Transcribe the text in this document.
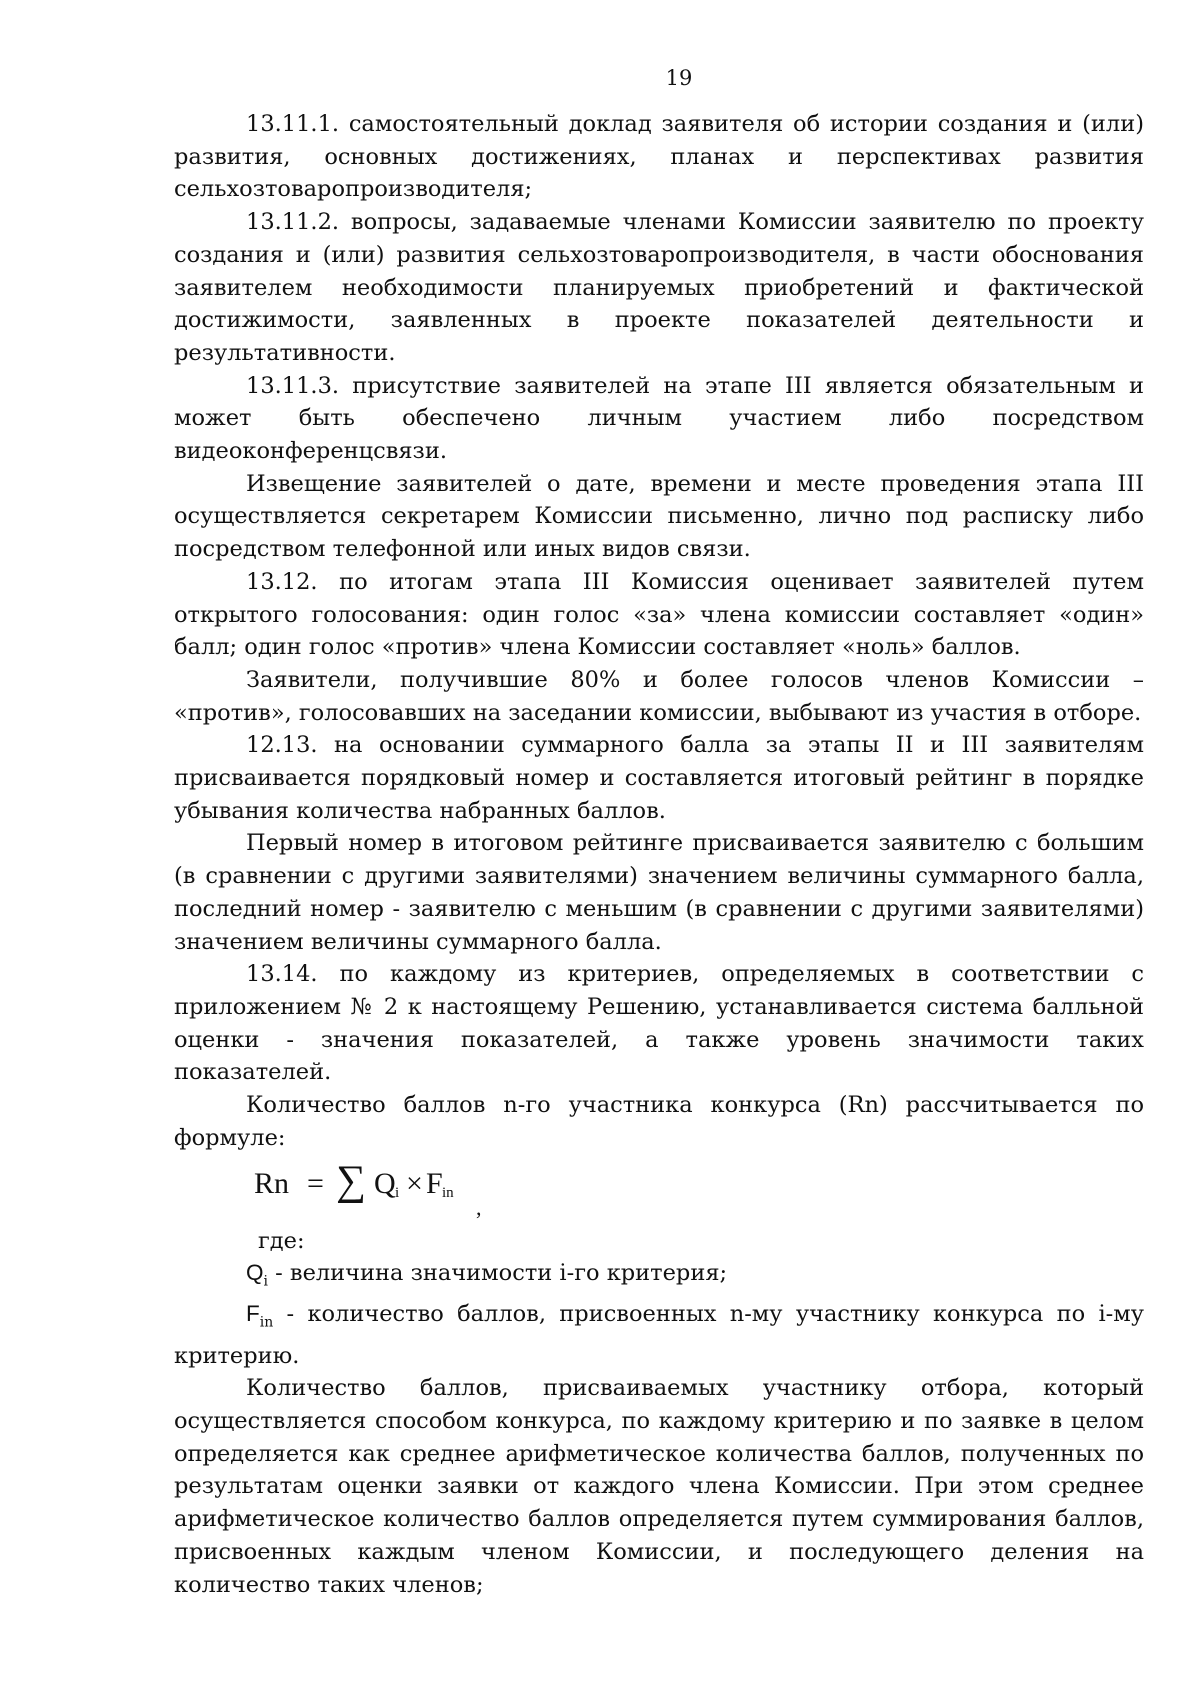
19

13.11.1. самостоятельный доклад заявителя об истории создания и (или) развития, основных достижениях, планах и перспективах развития сельхозтоваропроизводителя;

13.11.2. вопросы, задаваемые членами Комиссии заявителю по проекту создания и (или) развития сельхозтоваропроизводителя, в части обоснования заявителем необходимости планируемых приобретений и фактической достижимости, заявленных в проекте показателей деятельности и результативности.

13.11.3. присутствие заявителей на этапе III является обязательным и может быть обеспечено личным участием либо посредством видеоконференцсвязи.

Извещение заявителей о дате, времени и месте проведения этапа III осуществляется секретарем Комиссии письменно, лично под расписку либо посредством телефонной или иных видов связи.

13.12. по итогам этапа III Комиссия оценивает заявителей путем открытого голосования: один голос «за» члена комиссии составляет «один» балл; один голос «против» члена Комиссии составляет «ноль» баллов.

Заявители, получившие 80% и более голосов членов Комиссии – «против», голосовавших на заседании комиссии, выбывают из участия в отборе.

12.13. на основании суммарного балла за этапы II и III заявителям присваивается порядковый номер и составляется итоговый рейтинг в порядке убывания количества набранных баллов.

Первый номер в итоговом рейтинге присваивается заявителю с большим (в сравнении с другими заявителями) значением величины суммарного балла, последний номер - заявителю с меньшим (в сравнении с другими заявителями) значением величины суммарного балла.

13.14. по каждому из критериев, определяемых в соответствии с приложением № 2 к настоящему Решению, устанавливается система балльной оценки - значения показателей, а также уровень значимости таких показателей.

Количество баллов n-го участника конкурса (Rn) рассчитывается по формуле:

Rn = ∑ Q i × F in
,

где:

$Q_i$ - величина значимости i-го критерия;

$F_{in}$ - количество баллов, присвоенных n-му участнику конкурса по i-му критерию.

Количество баллов, присваиваемых участнику отбора, который осуществляется способом конкурса, по каждому критерию и по заявке в целом определяется как среднее арифметическое количества баллов, полученных по результатам оценки заявки от каждого члена Комиссии. При этом среднее арифметическое количество баллов определяется путем суммирования баллов, присвоенных каждым членом Комиссии, и последующего деления на количество таких членов;
